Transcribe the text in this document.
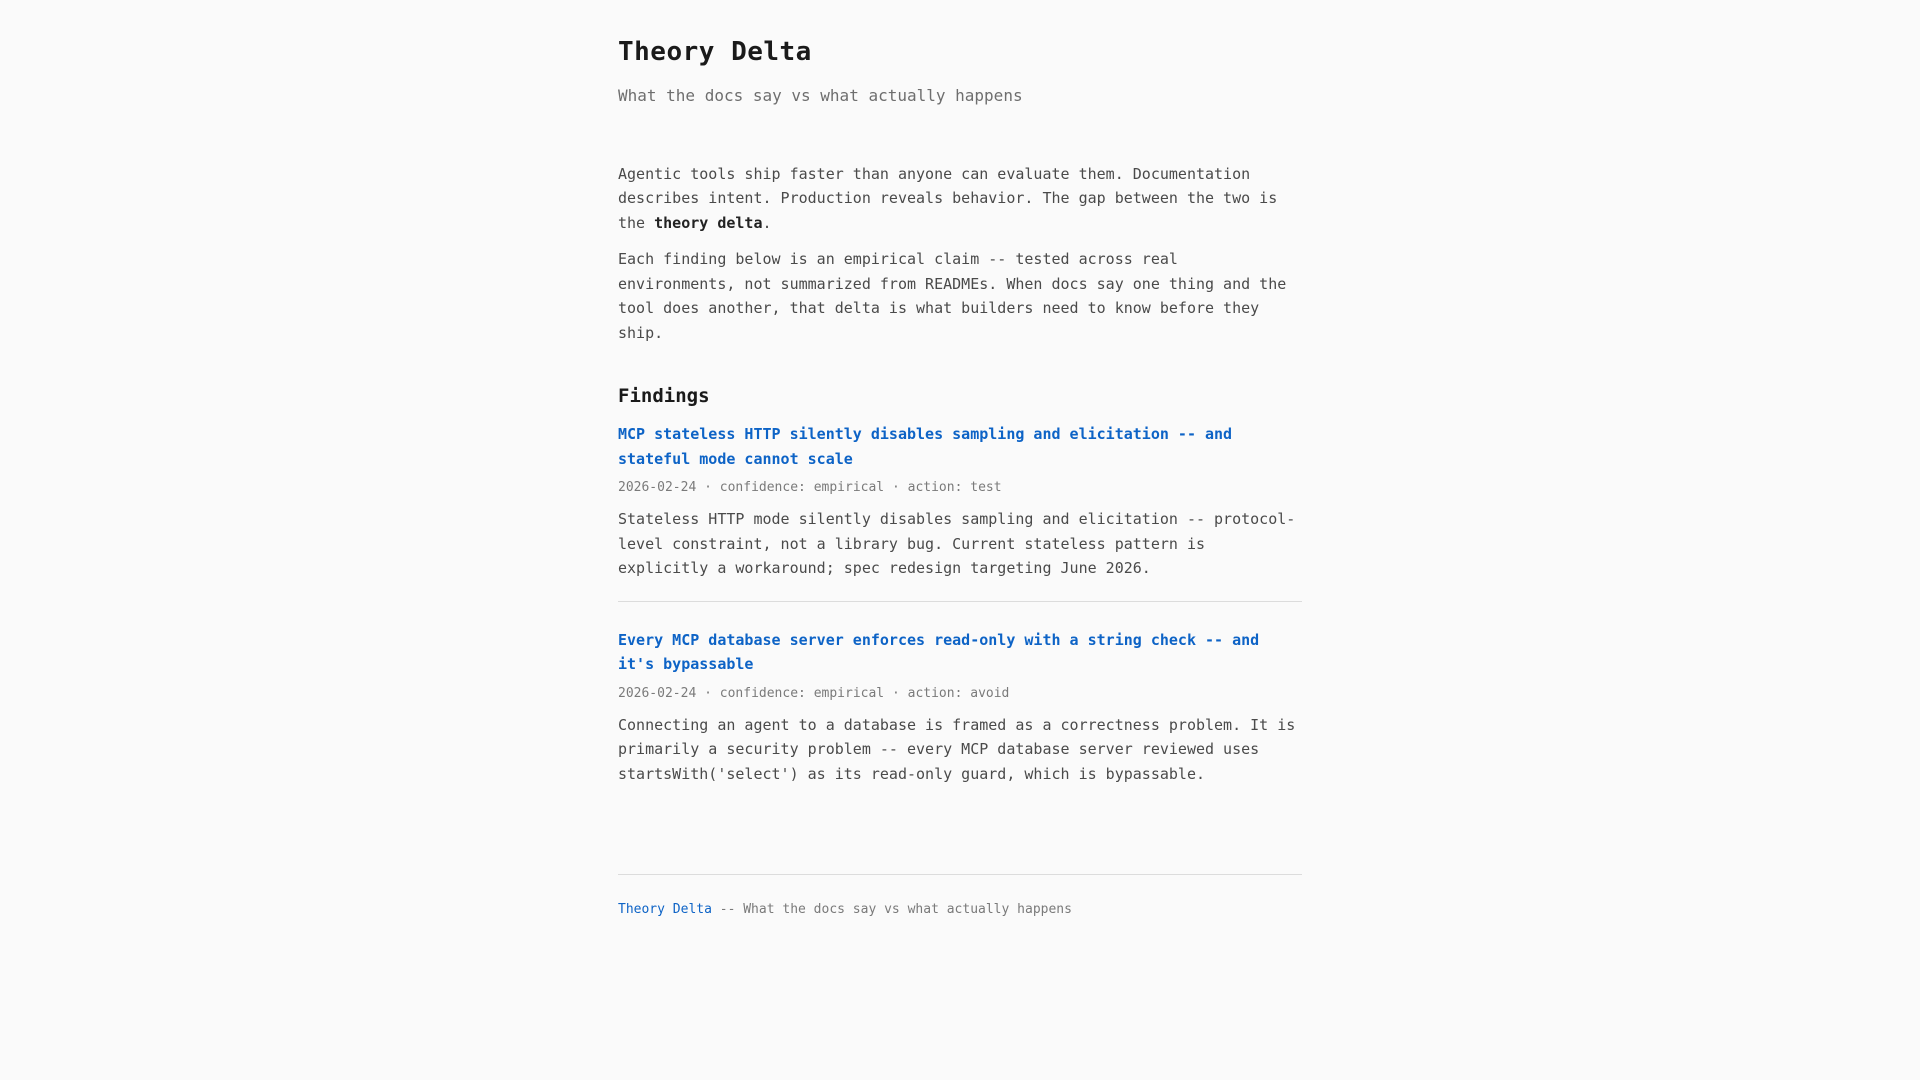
Theory Delta
What the docs say vs what actually happens

Agentic tools ship faster than anyone can evaluate them. Documentation describes intent. Production reveals behavior. The gap between the two is the theory delta.

Each finding below is an empirical claim -- tested across real environments, not summarized from READMEs. When docs say one thing and the tool does another, that delta is what builders need to know before they ship.

Findings
MCP stateless HTTP silently disables sampling and elicitation -- and stateful mode cannot scale
2026-02-24 · confidence: empirical · action: test

Stateless HTTP mode silently disables sampling and elicitation -- protocol-level constraint, not a library bug. Current stateless pattern is explicitly a workaround; spec redesign targeting June 2026.

Every MCP database server enforces read-only with a string check -- and it's bypassable
2026-02-24 · confidence: empirical · action: avoid

Connecting an agent to a database is framed as a correctness problem. It is primarily a security problem -- every MCP database server reviewed uses startsWith('select') as its read-only guard, which is bypassable.

Theory Delta -- What the docs say vs what actually happens
